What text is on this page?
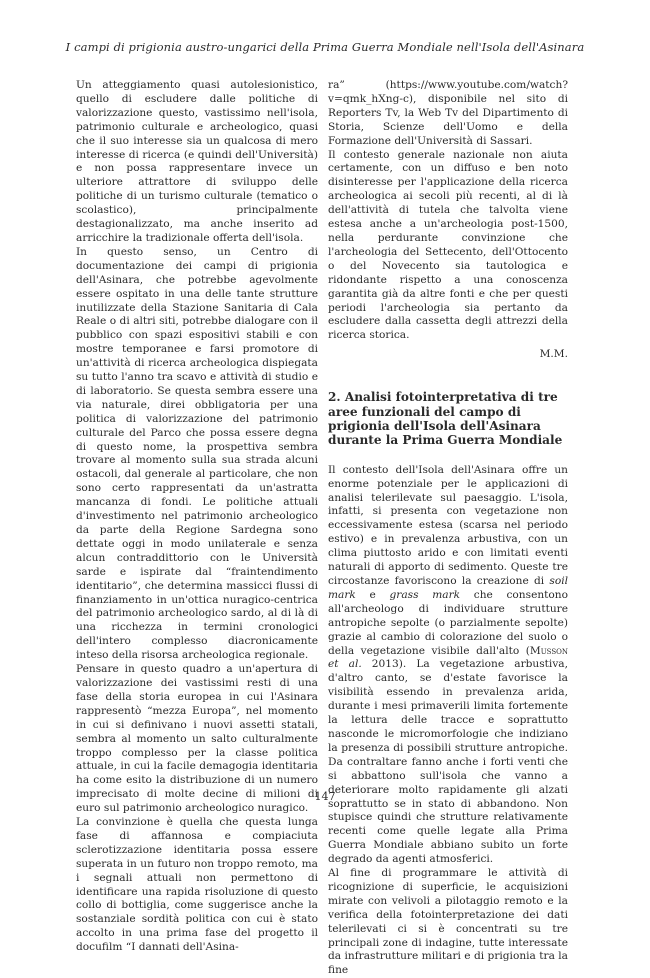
I campi di prigionia austro-ungarici della Prima Guerra Mondiale nell'Isola dell'Asinara

Un atteggiamento quasi autolesionistico, quello di escludere dalle politiche di valorizzazione questo, vastissimo nell'isola, patrimonio culturale e archeologico, quasi che il suo interesse sia un qualcosa di mero interesse di ricerca (e quindi dell'Università) e non possa rappresentare invece un ulteriore attrattore di sviluppo delle politiche di un turismo culturale (tematico o scolastico), principalmente destagionalizzato, ma anche inserito ad arricchire la tradizionale offerta dell'isola.

In questo senso, un Centro di documentazione dei campi di prigionia dell'Asinara, che potrebbe agevolmente essere ospitato in una delle tante strutture inutilizzate della Stazione Sanitaria di Cala Reale o di altri siti, potrebbe dialogare con il pubblico con spazi espositivi stabili e con mostre temporanee e farsi promotore di un'attività di ricerca archeologica dispiegata su tutto l'anno tra scavo e attività di studio e di laboratorio. Se questa sembra essere una via naturale, direi obbligatoria per una politica di valorizzazione del patrimonio culturale del Parco che possa essere degna di questo nome, la prospettiva sembra trovare al momento sulla sua strada alcuni ostacoli, dal generale al particolare, che non sono certo rappresentati da un'astratta mancanza di fondi. Le politiche attuali d'investimento nel patrimonio archeologico da parte della Regione Sardegna sono dettate oggi in modo unilaterale e senza alcun contraddittorio con le Università sarde e ispirate dal “fraintendimento identitario”, che determina massicci flussi di finanziamento in un'ottica nuragico-centrica del patrimonio archeologico sardo, al di là di una ricchezza in termini cronologici dell'intero complesso diacronicamente inteso della risorsa archeologica regionale.

Pensare in questo quadro a un'apertura di valorizzazione dei vastissimi resti di una fase della storia europea in cui l'Asinara rappresentò “mezza Europa”, nel momento in cui si definivano i nuovi assetti statali, sembra al momento un salto culturalmente troppo complesso per la classe politica attuale, in cui la facile demagogia identitaria ha come esito la distribuzione di un numero imprecisato di molte decine di milioni di euro sul patrimonio archeologico nuragico.

La convinzione è quella che questa lunga fase di affannosa e compiaciuta sclerotizzazione identitaria possa essere superata in un futuro non troppo remoto, ma i segnali attuali non permettono di identificare una rapida risoluzione di questo collo di bottiglia, come suggerisce anche la sostanziale sordità politica con cui è stato accolto in una prima fase del progetto il docufilm “I dannati dell'Asina-

ra” (https://www.youtube.com/watch?v=qmk_hXng-c), disponibile nel sito di Reporters Tv, la Web Tv del Dipartimento di Storia, Scienze dell'Uomo e della Formazione dell'Università di Sassari.

Il contesto generale nazionale non aiuta certamente, con un diffuso e ben noto disinteresse per l'applicazione della ricerca archeologica ai secoli più recenti, al di là dell'attività di tutela che talvolta viene estesa anche a un'archeologia post-1500, nella perdurante convinzione che l'archeologia del Settecento, dell'Ottocento o del Novecento sia tautologica e ridondante rispetto a una conoscenza garantita già da altre fonti e che per questi periodi l'archeologia sia pertanto da escludere dalla cassetta degli attrezzi della ricerca storica.

M.M.

2. Analisi fotointerpretativa di tre aree funzionali del campo di prigionia dell'Isola dell'Asinara durante la Prima Guerra Mondiale

Il contesto dell'Isola dell'Asinara offre un enorme potenziale per le applicazioni di analisi telerilevate sul paesaggio. L'isola, infatti, si presenta con vegetazione non eccessivamente estesa (scarsa nel periodo estivo) e in prevalenza arbustiva, con un clima piuttosto arido e con limitati eventi naturali di apporto di sedimento. Queste tre circostanze favoriscono la creazione di soil mark e grass mark che consentono all'archeologo di individuare strutture antropiche sepolte (o parzialmente sepolte) grazie al cambio di colorazione del suolo o della vegetazione visibile dall'alto (Musson et al. 2013). La vegetazione arbustiva, d'altro canto, se d'estate favorisce la visibilità essendo in prevalenza arida, durante i mesi primaverili limita fortemente la lettura delle tracce e soprattutto nasconde le micromorfologie che indiziano la presenza di possibili strutture antropiche. Da contraltare fanno anche i forti venti che si abbattono sull'isola che vanno a deteriorare molto rapidamente gli alzati soprattutto se in stato di abbandono. Non stupisce quindi che strutture relativamente recenti come quelle legate alla Prima Guerra Mondiale abbiano subito un forte degrado da agenti atmosferici.

Al fine di programmare le attività di ricognizione di superficie, le acquisizioni mirate con velivoli a pilotaggio remoto e la verifica della fotointerpretazione dei dati telerilevati ci si è concentrati su tre principali zone di indagine, tutte interessate da infrastrutture militari e di prigionia tra la fine

147
